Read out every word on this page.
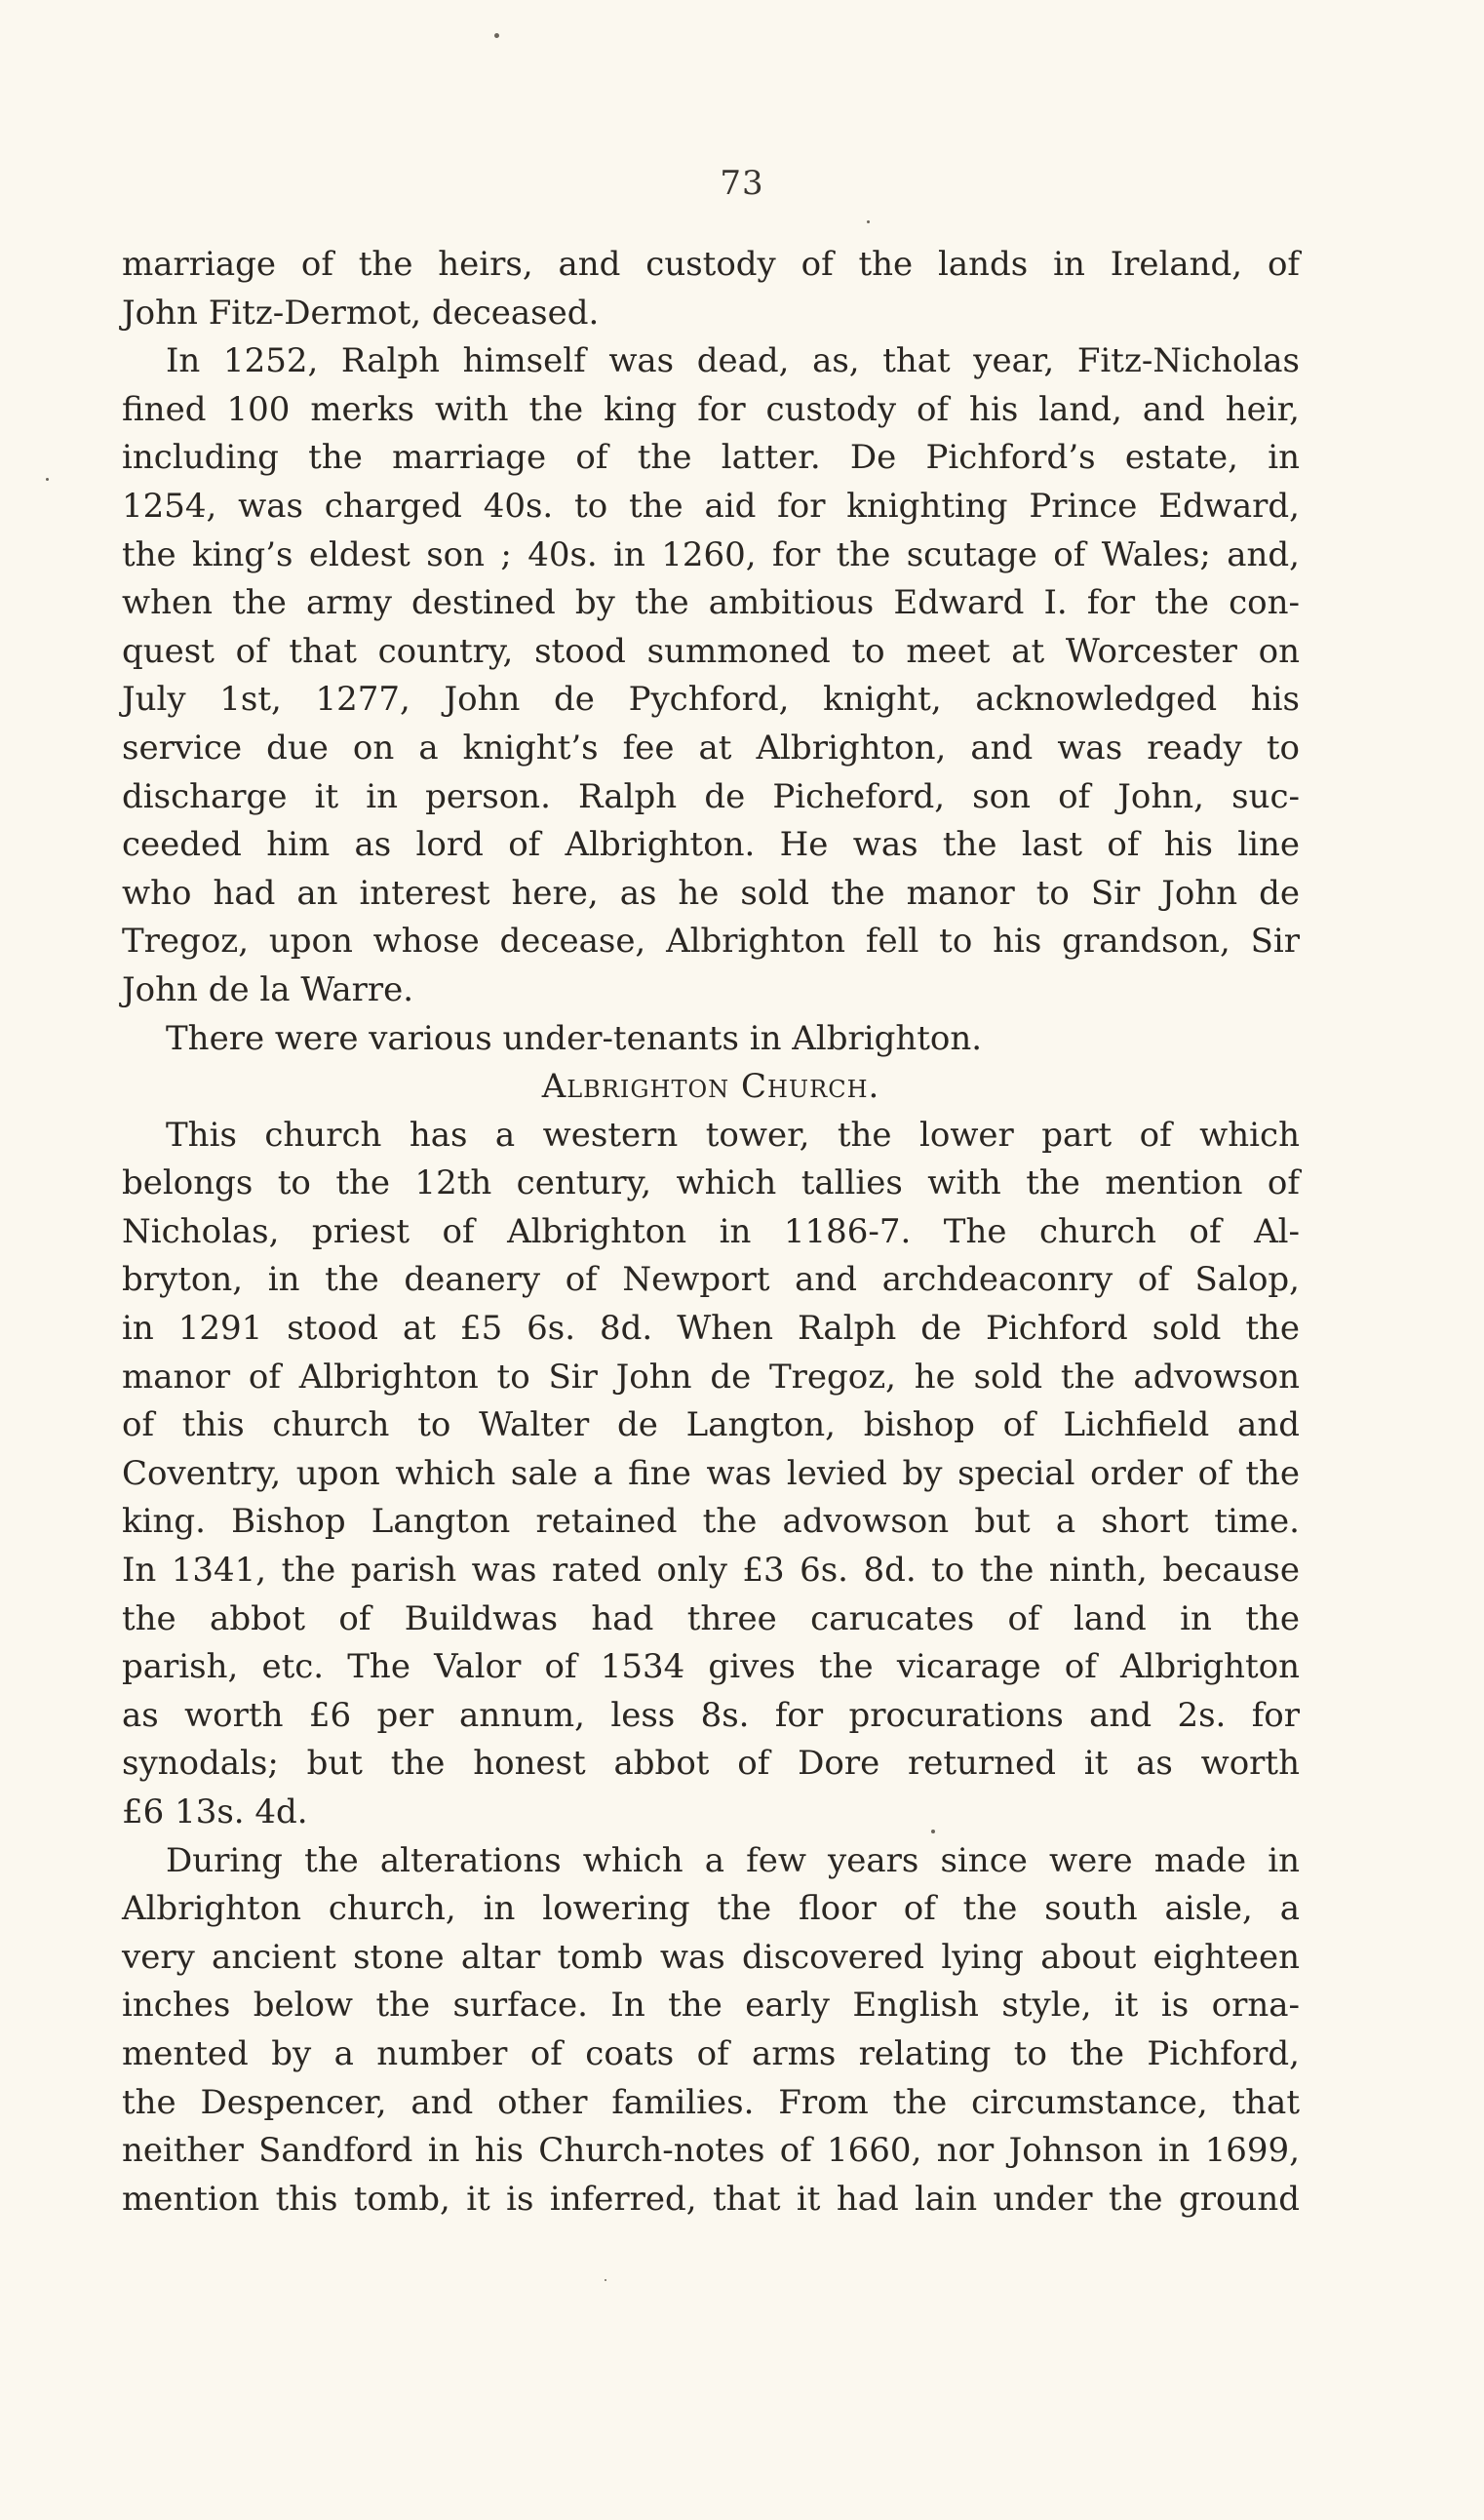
73
marriage of the heirs, and custody of the lands in Ireland, of
John Fitz-Dermot, deceased.
In 1252, Ralph himself was dead, as, that year, Fitz-Nicholas
fined 100 merks with the king for custody of his land, and heir,
including the marriage of the latter. De Pichford’s estate, in
1254, was charged 40s. to the aid for knighting Prince Edward,
the king’s eldest son ; 40s. in 1260, for the scutage of Wales; and,
when the army destined by the ambitious Edward I. for the con-
quest of that country, stood summoned to meet at Worcester on
July 1st, 1277, John de Pychford, knight, acknowledged his
service due on a knight’s fee at Albrighton, and was ready to
discharge it in person. Ralph de Picheford, son of John, suc-
ceeded him as lord of Albrighton. He was the last of his line
who had an interest here, as he sold the manor to Sir John de
Tregoz, upon whose decease, Albrighton fell to his grandson, Sir
John de la Warre.
There were various under-tenants in Albrighton.
Albrighton Church.
This church has a western tower, the lower part of which
belongs to the 12th century, which tallies with the mention of
Nicholas, priest of Albrighton in 1186-7. The church of Al-
bryton, in the deanery of Newport and archdeaconry of Salop,
in 1291 stood at £5 6s. 8d. When Ralph de Pichford sold the
manor of Albrighton to Sir John de Tregoz, he sold the advowson
of this church to Walter de Langton, bishop of Lichfield and
Coventry, upon which sale a fine was levied by special order of the
king. Bishop Langton retained the advowson but a short time.
In 1341, the parish was rated only £3 6s. 8d. to the ninth, because
the abbot of Buildwas had three carucates of land in the
parish, etc. The Valor of 1534 gives the vicarage of Albrighton
as worth £6 per annum, less 8s. for procurations and 2s. for
synodals; but the honest abbot of Dore returned it as worth
£6 13s. 4d.
During the alterations which a few years since were made in
Albrighton church, in lowering the floor of the south aisle, a
very ancient stone altar tomb was discovered lying about eighteen
inches below the surface. In the early English style, it is orna-
mented by a number of coats of arms relating to the Pichford,
the Despencer, and other families. From the circumstance, that
neither Sandford in his Church-notes of 1660, nor Johnson in 1699,
mention this tomb, it is inferred, that it had lain under the ground
